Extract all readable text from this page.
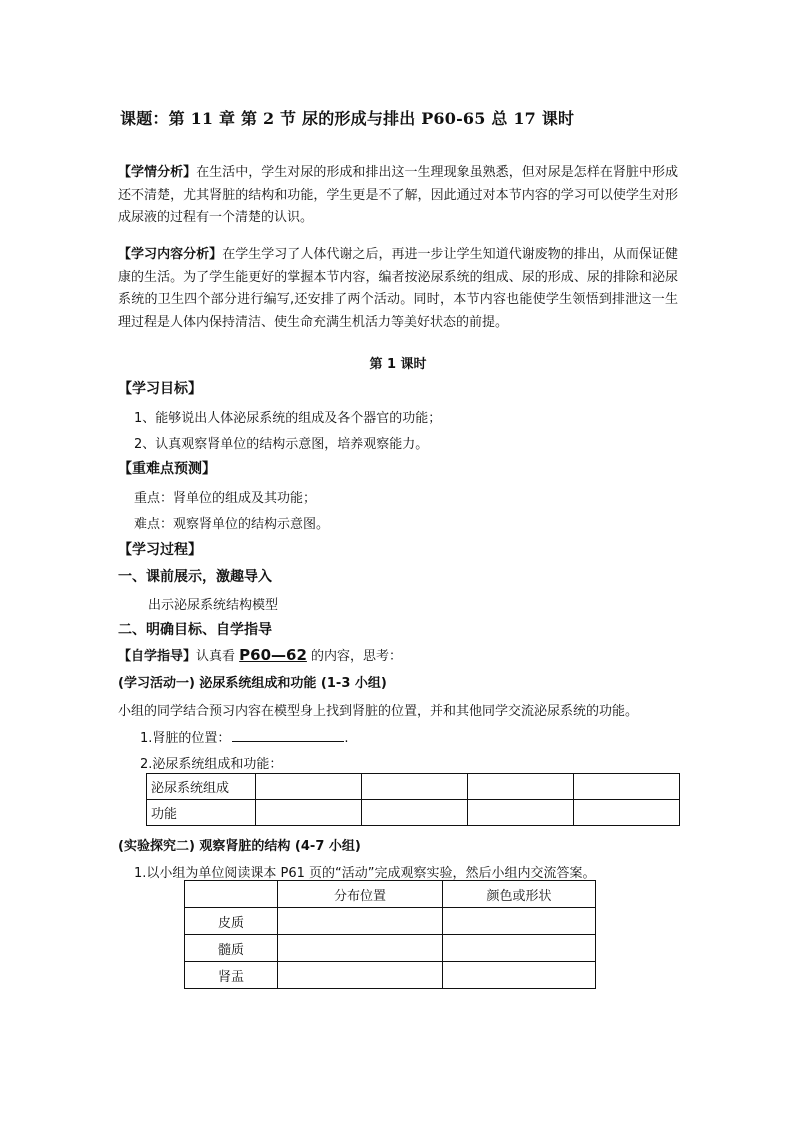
课题：第 11 章 第 2 节 尿的形成与排出 P60-65 总 17 课时
【学情分析】在生活中，学生对尿的形成和排出这一生理现象虽熟悉，但对尿是怎样在肾脏中形成还不清楚，尤其肾脏的结构和功能，学生更是不了解，因此通过对本节内容的学习可以使学生对形成尿液的过程有一个清楚的认识。
【学习内容分析】在学生学习了人体代谢之后，再进一步让学生知道代谢废物的排出，从而保证健康的生活。为了学生能更好的掌握本节内容，编者按泌尿系统的组成、尿的形成、尿的排除和泌尿系统的卫生四个部分进行编写,还安排了两个活动。同时，本节内容也能使学生领悟到排泄这一生理过程是人体内保持清洁、使生命充满生机活力等美好状态的前提。
第 1 课时
【学习目标】
1、能够说出人体泌尿系统的组成及各个器官的功能；
2、认真观察肾单位的结构示意图，培养观察能力。
【重难点预测】
重点：肾单位的组成及其功能；
难点：观察肾单位的结构示意图。
【学习过程】
一、课前展示，激趣导入
出示泌尿系统结构模型
二、明确目标、自学指导
【自学指导】认真看 P60—62 的内容，思考：
(学习活动一) 泌尿系统组成和功能 (1-3 小组)
小组的同学结合预习内容在模型身上找到肾脏的位置，并和其他同学交流泌尿系统的功能。
1.肾脏的位置：	.
2.泌尿系统组成和功能：
泌尿系统组成				
功能				
(实验探究二) 观察肾脏的结构 (4-7 小组)
1.以小组为单位阅读课本 P61 页的“活动”完成观察实验，然后小组内交流答案。
	分布位置	颜色或形状
皮质		
髓质		
肾盂		
